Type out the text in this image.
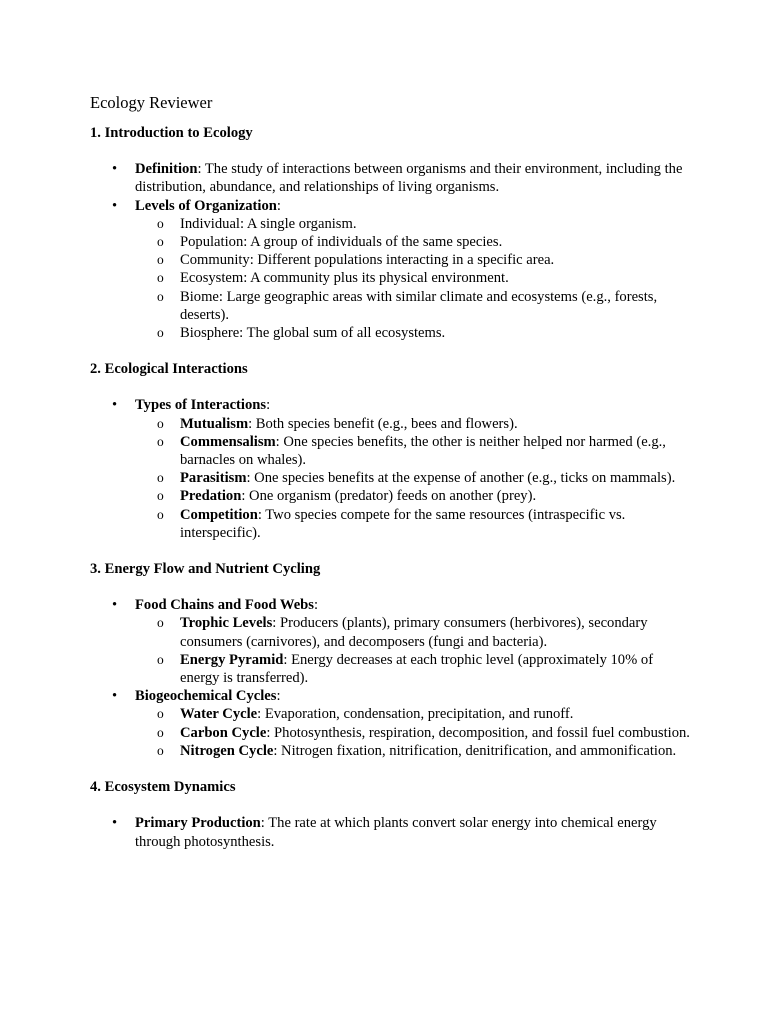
Ecology Reviewer
1. Introduction to Ecology
• Definition: The study of interactions between organisms and their environment, including the distribution, abundance, and relationships of living organisms.
• Levels of Organization:
o Individual: A single organism.
o Population: A group of individuals of the same species.
o Community: Different populations interacting in a specific area.
o Ecosystem: A community plus its physical environment.
o Biome: Large geographic areas with similar climate and ecosystems (e.g., forests, deserts).
o Biosphere: The global sum of all ecosystems.
2. Ecological Interactions
• Types of Interactions:
o Mutualism: Both species benefit (e.g., bees and flowers).
o Commensalism: One species benefits, the other is neither helped nor harmed (e.g., barnacles on whales).
o Parasitism: One species benefits at the expense of another (e.g., ticks on mammals).
o Predation: One organism (predator) feeds on another (prey).
o Competition: Two species compete for the same resources (intraspecific vs. interspecific).
3. Energy Flow and Nutrient Cycling
• Food Chains and Food Webs:
o Trophic Levels: Producers (plants), primary consumers (herbivores), secondary consumers (carnivores), and decomposers (fungi and bacteria).
o Energy Pyramid: Energy decreases at each trophic level (approximately 10% of energy is transferred).
• Biogeochemical Cycles:
o Water Cycle: Evaporation, condensation, precipitation, and runoff.
o Carbon Cycle: Photosynthesis, respiration, decomposition, and fossil fuel combustion.
o Nitrogen Cycle: Nitrogen fixation, nitrification, denitrification, and ammonification.
4. Ecosystem Dynamics
• Primary Production: The rate at which plants convert solar energy into chemical energy through photosynthesis.
